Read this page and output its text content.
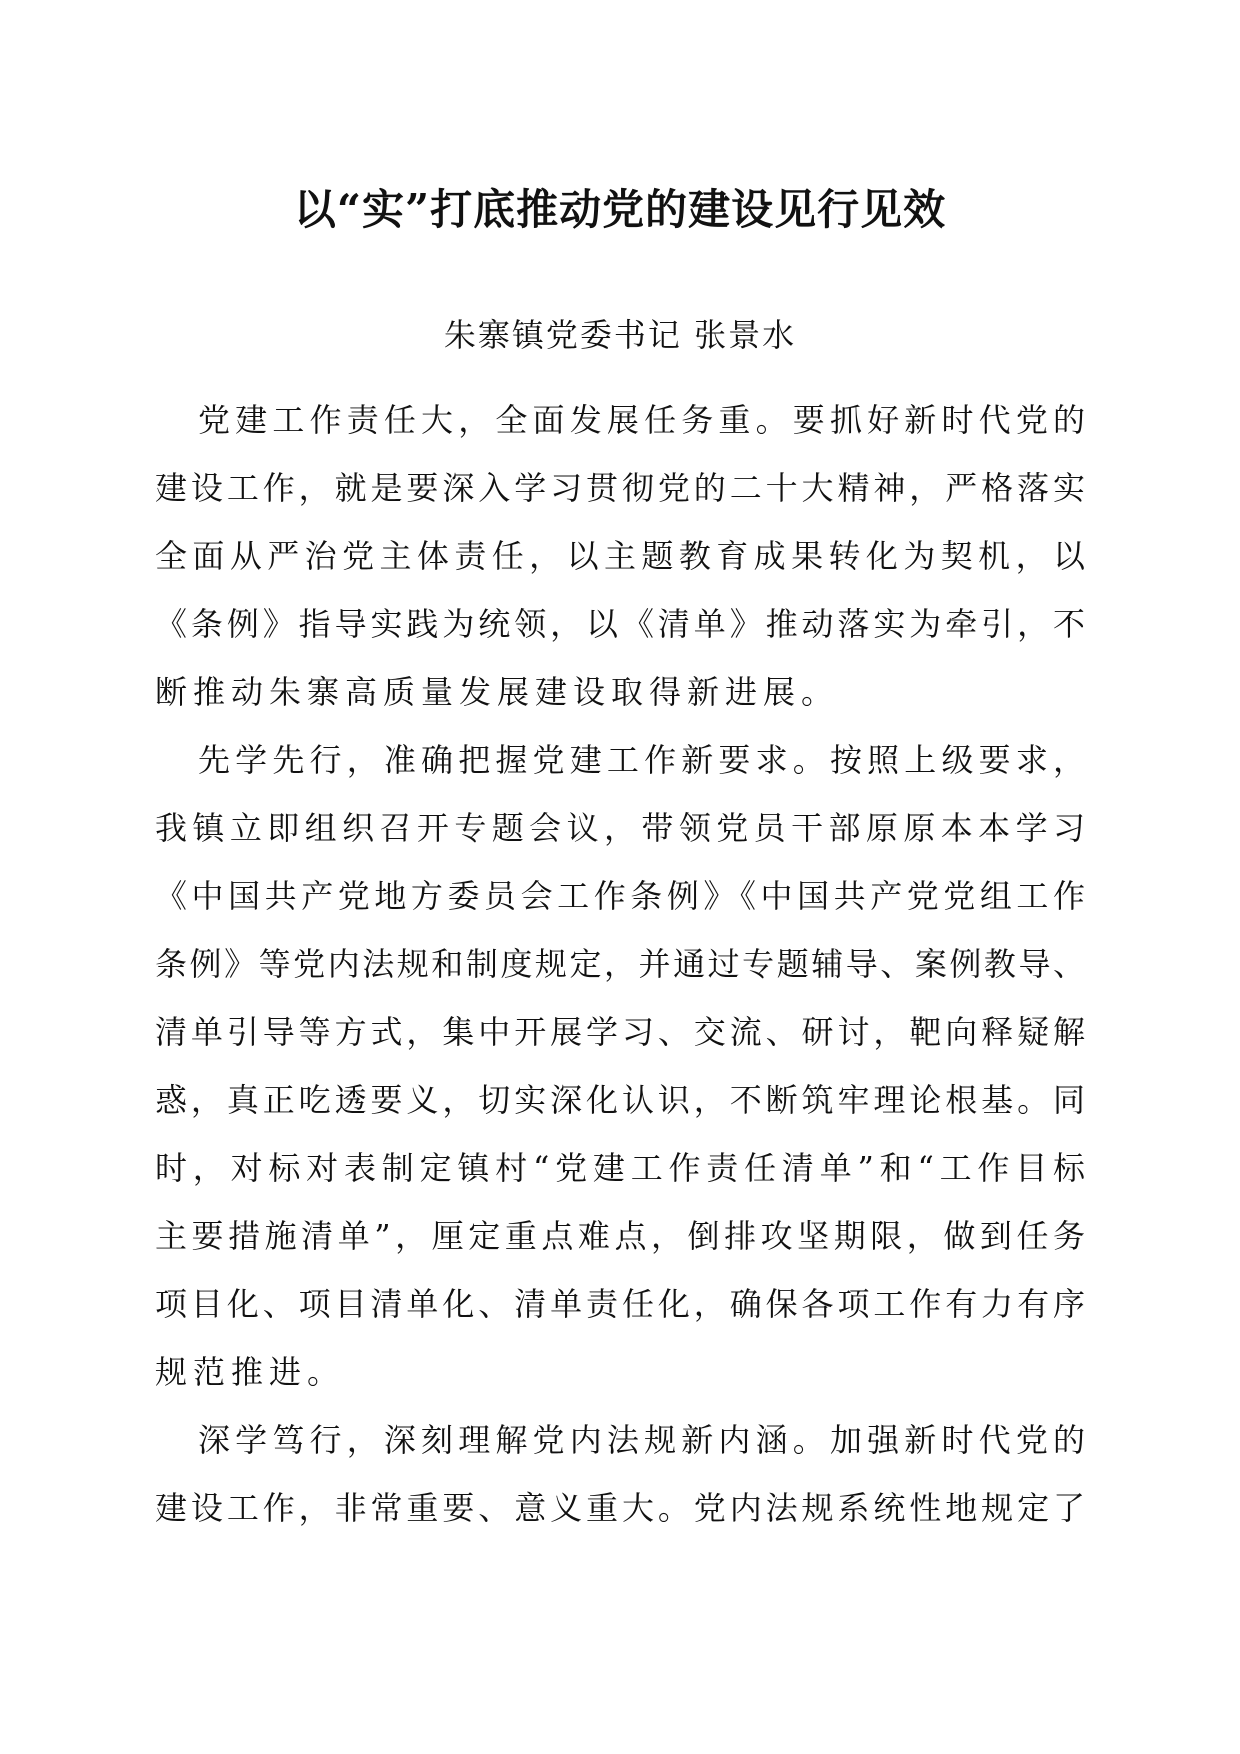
以“实”打底推动党的建设见行见效
朱寨镇党委书记 张景水
党建工作责任大，全面发展任务重。要抓好新时代党的
建设工作，就是要深入学习贯彻党的二十大精神，严格落实
全面从严治党主体责任，以主题教育成果转化为契机，以
《条例》指导实践为统领，以《清单》推动落实为牵引，不
断推动朱寨高质量发展建设取得新进展。
先学先行，准确把握党建工作新要求。按照上级要求，
我镇立即组织召开专题会议，带领党员干部原原本本学习
《中国共产党地方委员会工作条例》《中国共产党党组工作
条例》等党内法规和制度规定，并通过专题辅导、案例教导、
清单引导等方式，集中开展学习、交流、研讨，靶向释疑解
惑，真正吃透要义，切实深化认识，不断筑牢理论根基。同
时，对标对表制定镇村“党建工作责任清单”和“工作目标
主要措施清单”，厘定重点难点，倒排攻坚期限，做到任务
项目化、项目清单化、清单责任化，确保各项工作有力有序
规范推进。
深学笃行，深刻理解党内法规新内涵。加强新时代党的
建设工作，非常重要、意义重大。党内法规系统性地规定了
